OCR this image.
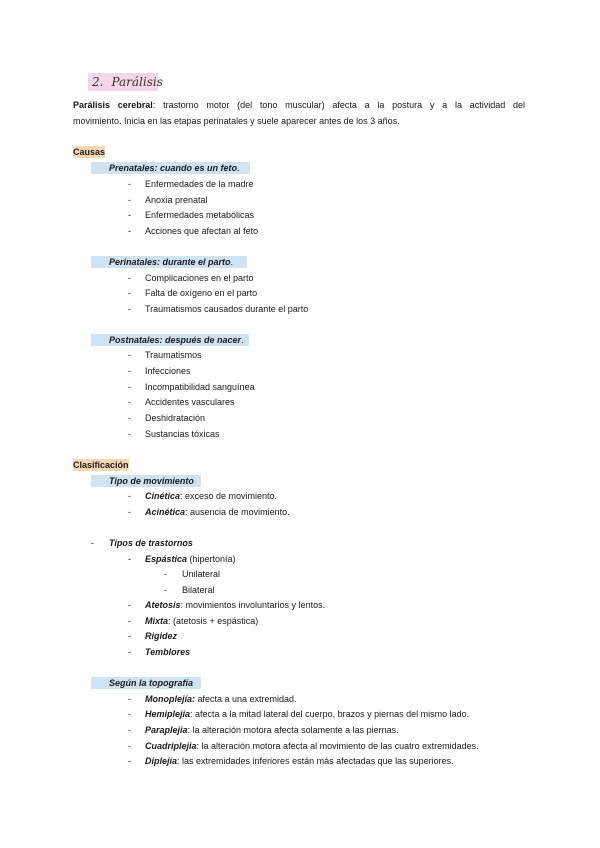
2. Parálisis
Parálisis cerebral: trastorno motor (del tono muscular) afecta a la postura y a la actividad del
movimiento. Inicia en las etapas perinatales y suele aparecer antes de los 3 años.
Causas
Prenatales: cuando es un feto.
- Enfermedades de la madre
- Anoxia prenatal
- Enfermedades metabólicas
- Acciones que afectan al feto
Perinatales: durante el parto.
- Complicaciones en el parto
- Falta de oxígeno en el parto
- Traumatismos causados durante el parto
Postnatales: después de nacer.
- Traumatismos
- Infecciones
- Incompatibilidad sanguínea
- Accidentes vasculares
- Deshidratación
- Sustancias tóxicas
Clasificación
Tipo de movimiento
- Cinética: exceso de movimiento.
- Acinética: ausencia de movimiento.
- Tipos de trastornos
- Espástica (hipertonía)
- Unilateral
- Bilateral
- Atetosis: movimientos involuntarios y lentos.
- Mixta: (atetosis + espástica)
- Rigidez
- Temblores
Según la topografía
- Monoplejía: afecta a una extremidad.
- Hemiplejía: afecta a la mitad lateral del cuerpo, brazos y piernas del mismo lado.
- Paraplejia: la alteración motora afecta solamente a las piernas.
- Cuadriplejia: la alteración motora afecta al movimiento de las cuatro extremidades.
- Diplejía: las extremidades inferiores están más afectadas que las superiores.
